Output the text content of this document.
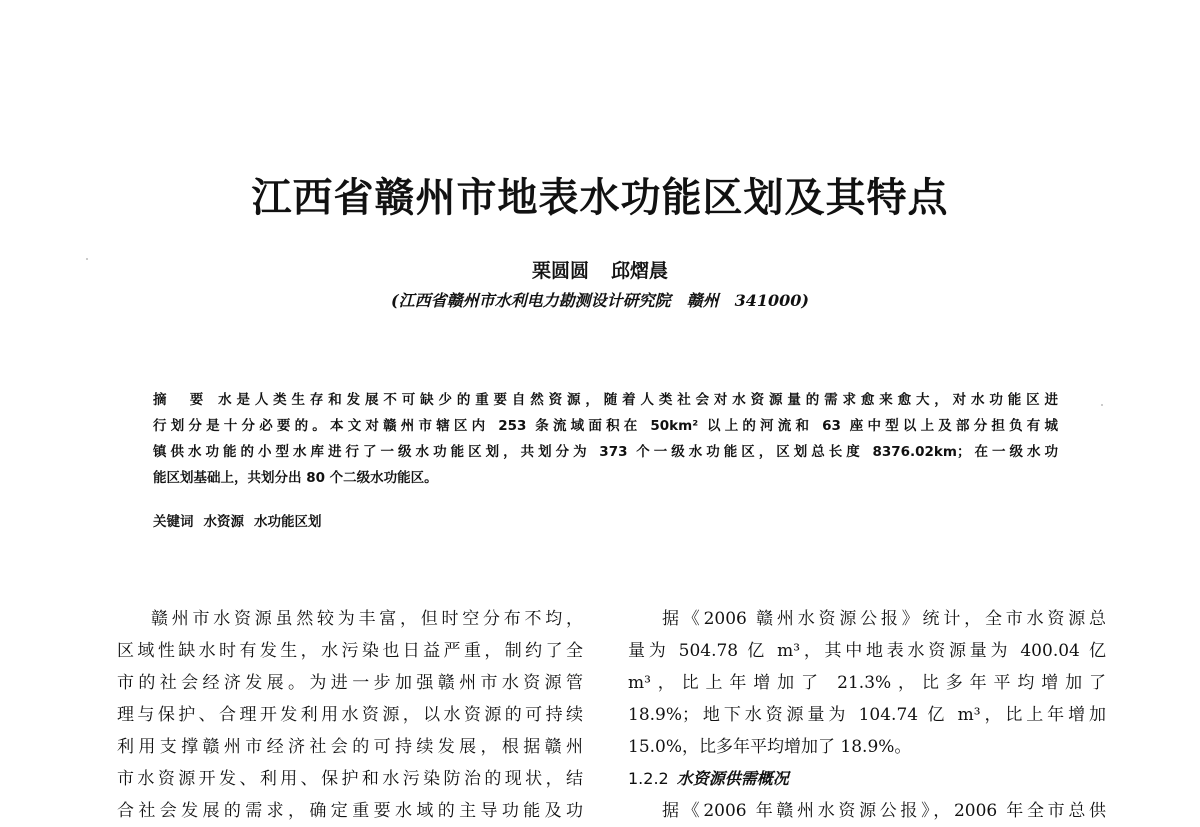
江西省赣州市地表水功能区划及其特点
栗圆圆 邱熠晨
(江西省赣州市水利电力勘测设计研究院　赣州　341000)
摘　要 水是人类生存和发展不可缺少的重要自然资源，随着人类社会对水资源量的需求愈来愈大，对水功能区进
行划分是十分必要的。本文对赣州市辖区内 253 条流域面积在 50km² 以上的河流和 63 座中型以上及部分担负有城
镇供水功能的小型水库进行了一级水功能区划，共划分为 373 个一级水功能区，区划总长度 8376.02km；在一级水功
能区划基础上，共划分出 80 个二级水功能区。
关键词 水资源 水功能区划
赣州市水资源虽然较为丰富，但时空分布不均，
区域性缺水时有发生，水污染也日益严重，制约了全
市的社会经济发展。为进一步加强赣州市水资源管
理与保护、合理开发利用水资源，以水资源的可持续
利用支撑赣州市经济社会的可持续发展，根据赣州
市水资源开发、利用、保护和水污染防治的现状，结
合社会发展的需求，确定重要水域的主导功能及功
据《2006 赣州水资源公报》统计，全市水资源总
量为 504.78 亿 m³，其中地表水资源量为 400.04 亿
m³，比上年增加了 21.3%，比多年平均增加了
18.9%；地下水资源量为 104.74 亿 m³，比上年增加
15.0%，比多年平均增加了 18.9%。
1.2.2 水资源供需概况
据《2006 年赣州水资源公报》，2006 年全市总供
